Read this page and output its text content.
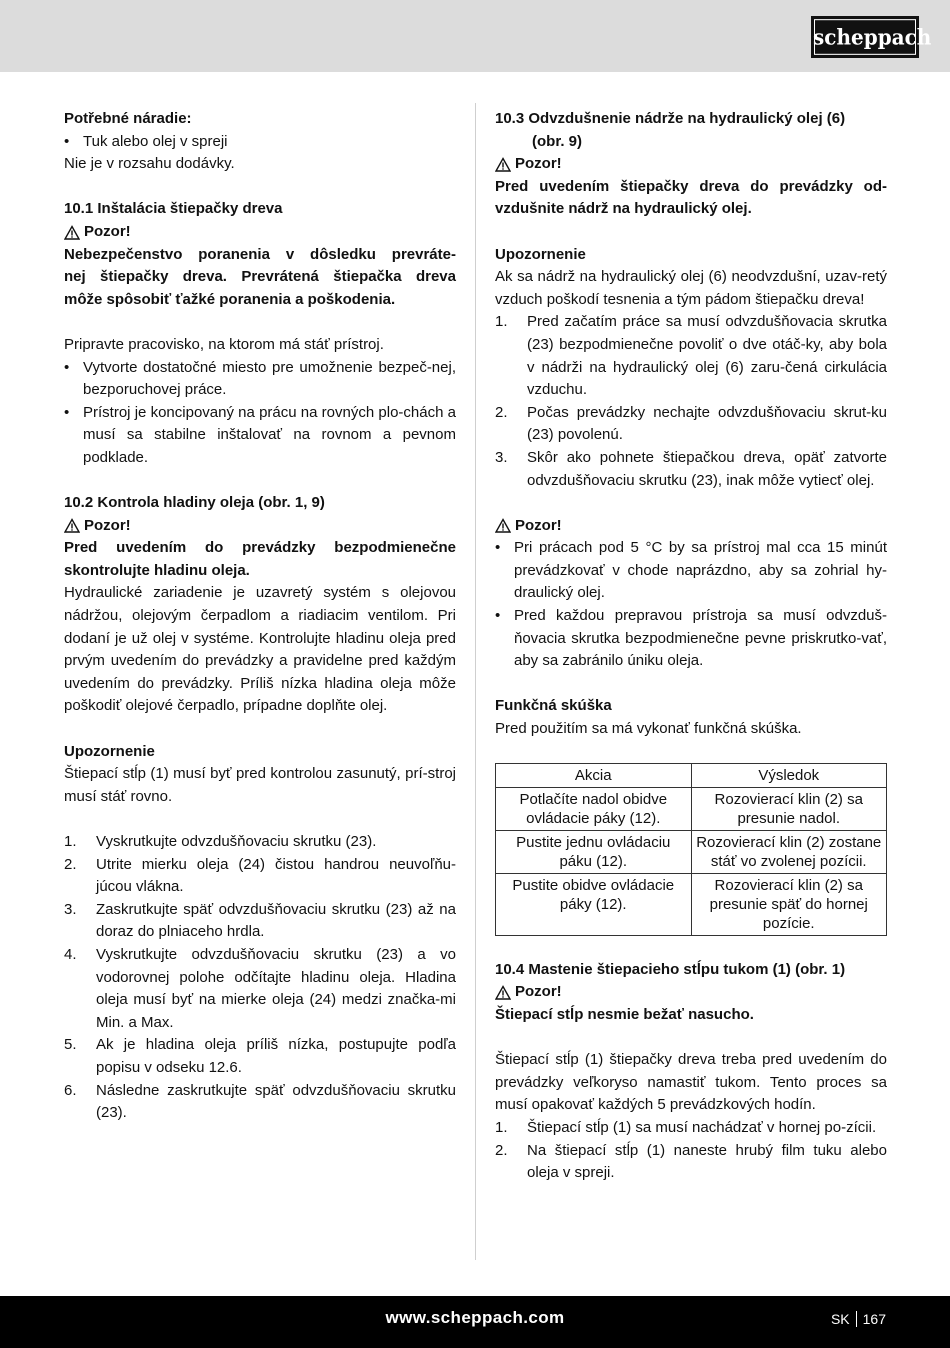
scheppach

Potřebné náradie:

• Tuk alebo olej v spreji

Nie je v rozsahu dodávky.

10.1 Inštalácia štiepačky dreva

Pozor!

Nebezpečenstvo poranenia v dôsledku prevráte-

nej štiepačky dreva. Prevrátená štiepačka dreva

môže spôsobiť ťažké poranenia a poškodenia.

Pripravte pracovisko, na ktorom má stáť prístroj.

• Vytvorte dostatočné miesto pre umožnenie bezpeč-nej, bezporuchovej práce.
• Prístroj je koncipovaný na prácu na rovných plo-chách a musí sa stabilne inštalovať na rovnom a pevnom podklade.

10.2 Kontrola hladiny oleja (obr. 1, 9)

Pozor!

Pred uvedením do prevádzky bezpodmienečne

skontrolujte hladinu oleja.

Hydraulické zariadenie je uzavretý systém s olejovou nádržou, olejovým čerpadlom a riadiacim ventilom. Pri dodaní je už olej v systéme. Kontrolujte hladinu oleja pred prvým uvedením do prevádzky a pravidelne pred každým uvedením do prevádzky. Príliš nízka hladina oleja môže poškodiť olejové čerpadlo, prípadne doplňte olej.

Upozornenie

Štiepací stĺp (1) musí byť pred kontrolou zasunutý, prí-stroj musí stáť rovno.

1. Vyskrutkujte odvzdušňovaciu skrutku (23).
2. Utrite mierku oleja (24) čistou handrou neuvoľňu-júcou vlákna.
3. Zaskrutkujte späť odvzdušňovaciu skrutku (23) až na doraz do plniaceho hrdla.
4. Vyskrutkujte odvzdušňovaciu skrutku (23) a vo vodorovnej polohe odčítajte hladinu oleja. Hladina oleja musí byť na mierke oleja (24) medzi značka-mi Min. a Max.
5. Ak je hladina oleja príliš nízka, postupujte podľa popisu v odseku 12.6.
6. Následne zaskrutkujte späť odvzdušňovaciu skrutku (23).

10.3 Odvzdušnenie nádrže na hydraulický olej (6)

(obr. 9)

Pozor!

Pred uvedením štiepačky dreva do prevádzky od-

vzdušnite nádrž na hydraulický olej.

Upozornenie

Ak sa nádrž na hydraulický olej (6) neodvzdušní, uzav-retý vzduch poškodí tesnenia a tým pádom štiepačku dreva!

1. Pred začatím práce sa musí odvzdušňovacia skrutka (23) bezpodmienečne povoliť o dve otáč-ky, aby bola v nádrži na hydraulický olej (6) zaru-čená cirkulácia vzduchu.
2. Počas prevádzky nechajte odvzdušňovaciu skrut-ku (23) povolenú.
3. Skôr ako pohnete štiepačkou dreva, opäť zatvorte odvzdušňovaciu skrutku (23), inak môže vytiecť olej.
Pozor!
• Pri prácach pod 5 °C by sa prístroj mal cca 15 minút prevádzkovať v chode naprázdno, aby sa zohrial hy-draulický olej.
• Pred každou prepravou prístroja sa musí odvzduš-ňovacia skrutka bezpodmienečne pevne priskrutko-vať, aby sa zabránilo úniku oleja.

Funkčná skúška

Pred použitím sa má vykonať funkčná skúška.

Akcia	Výsledok
Potlačíte nadol obidve ovládacie páky (12).	Rozovierací klin (2) sa presunie nadol.
Pustite jednu ovládaciu páku (12).	Rozovierací klin (2) zostane stáť vo zvolenej pozícii.
Pustite obidve ovládacie páky (12).	Rozovierací klin (2) sa presunie späť do hornej pozície.

10.4 Mastenie štiepacieho stĺpu tukom (1) (obr. 1)

Pozor!

Štiepací stĺp nesmie bežať nasucho.

Štiepací stĺp (1) štiepačky dreva treba pred uvedením do prevádzky veľkoryso namastiť tukom. Tento proces sa musí opakovať každých 5 prevádzkových hodín.

1. Štiepací stĺp (1) sa musí nachádzať v hornej po-zícii.
2. Na štiepací stĺp (1) naneste hrubý film tuku alebo oleja v spreji.
www.scheppach.com	SK 167
